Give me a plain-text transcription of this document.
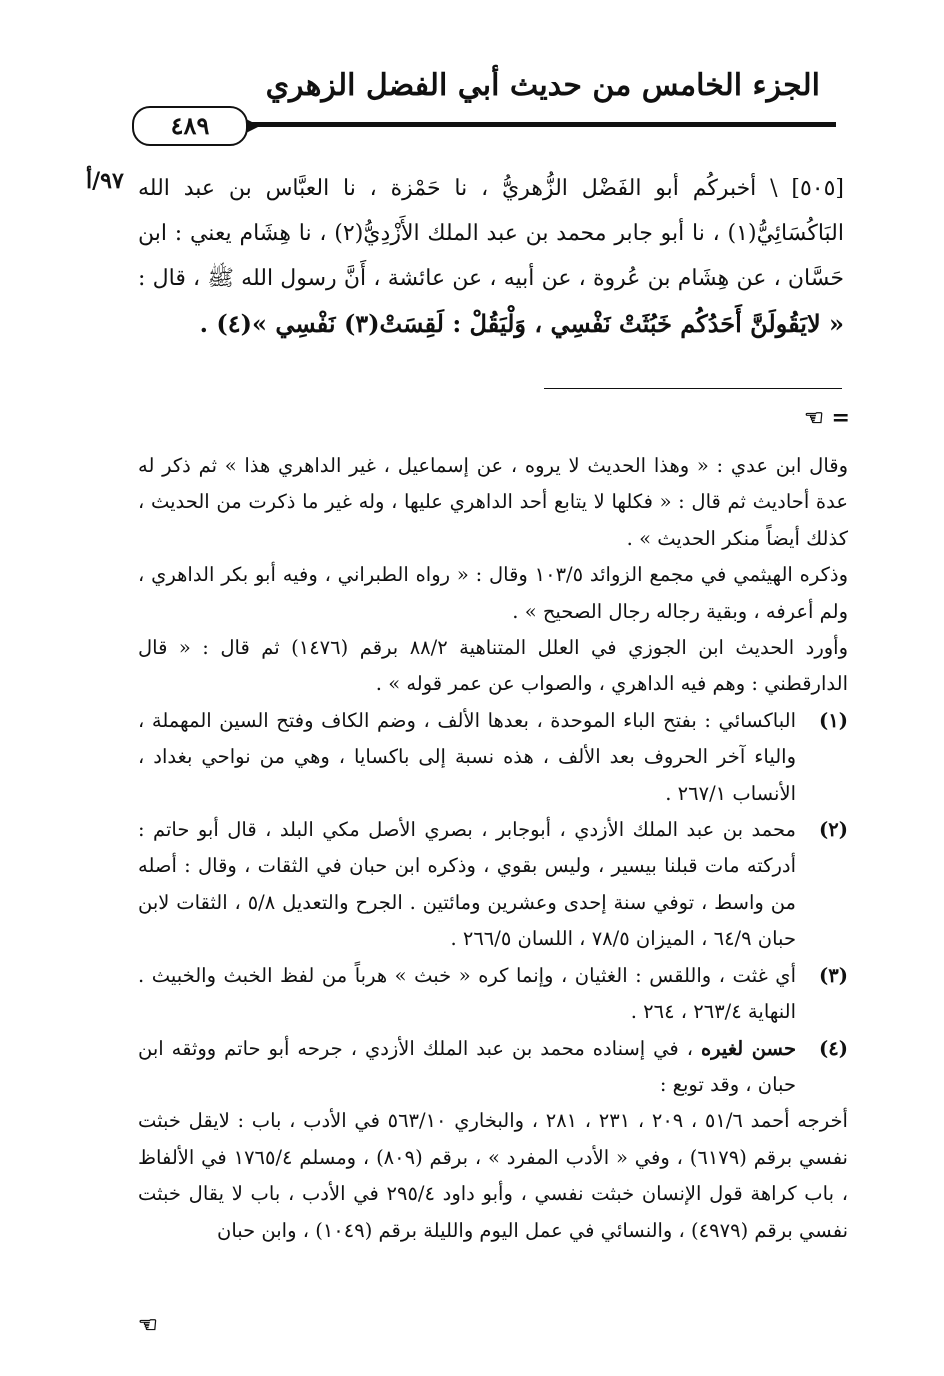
الجزء الخامس من حديث أبي الفضل الزهري
٤٨٩
٩٧/أ [٥٠٥] \ أخبركُم أبو الفَضْل الزُّهريُّ ، نا حَمْزة ، نا العبَّاس بن عبد الله البَاكُسَائِيُّ(١) ، نا أبو جابر محمد بن عبد الملك الأَزْدِيُّ(٢) ، نا هِشَام يعني : ابن حَسَّان ، عن هِشَام بن عُروة ، عن أبيه ، عن عائشة ، أَنَّ رسول الله ﷺ ، قال : « لايَقُولَنَّ أَحَدُكُم خَبُثَتْ نَفْسِي ، وَلْيَقُلْ : لَقِسَتْ(٣) نَفْسِي »(٤) .

= ☜

وقال ابن عدي : « وهذا الحديث لا يروه ، عن إسماعيل ، غير الداهري هذا » ثم ذكر له عدة أحاديث ثم قال : « فكلها لا يتابع أحد الداهري عليها ، وله غير ما ذكرت من الحديث ، كذلك أيضاً منكر الحديث » .

وذكره الهيثمي في مجمع الزوائد ١٠٣/٥ وقال : « رواه الطبراني ، وفيه أبو بكر الداهري ، ولم أعرفه ، وبقية رجاله رجال الصحيح » .

وأورد الحديث ابن الجوزي في العلل المتناهية ٨٨/٢ برقم (١٤٧٦) ثم قال : « قال الدارقطني : وهم فيه الداهري ، والصواب عن عمر قوله » .

(١)
الباكسائي : بفتح الباء الموحدة ، بعدها الألف ، وضم الكاف وفتح السين المهملة ، والياء آخر الحروف بعد الألف ، هذه نسبة إلى باكسايا ، وهي من نواحي بغداد ، الأنساب ٢٦٧/١ .
(٢)
محمد بن عبد الملك الأزدي ، أبوجابر ، بصري الأصل مكي البلد ، قال أبو حاتم : أدركته مات قبلنا بيسير ، وليس بقوي ، وذكره ابن حبان في الثقات ، وقال : أصله من واسط ، توفي سنة إحدى وعشرين ومائتين . الجرح والتعديل ٥/٨ ، الثقات لابن حبان ٦٤/٩ ، الميزان ٧٨/٥ ، اللسان ٢٦٦/٥ .
(٣)
أي غثت ، واللقس : الغثيان ، وإنما كره « خبث » هرباً من لفظ الخبث والخبيث . النهاية ٢٦٣/٤ ، ٢٦٤ .
(٤)
حسن لغيره ، في إسناده محمد بن عبد الملك الأزدي ، جرحه أبو حاتم ووثقه ابن حبان ، وقد توبع :

أخرجه أحمد ٥١/٦ ، ٢٠٩ ، ٢٣١ ، ٢٨١ ، والبخاري ٥٦٣/١٠ في الأدب ، باب : لايقل خبثت نفسي برقم (٦١٧٩) ، وفي « الأدب المفرد » ، برقم (٨٠٩) ، ومسلم ١٧٦٥/٤ في الألفاظ ، باب كراهة قول الإنسان خبثت نفسي ، وأبو داود ٢٩٥/٤ في الأدب ، باب لا يقال خبثت نفسي برقم (٤٩٧٩) ، والنسائي في عمل اليوم والليلة برقم (١٠٤٩) ، وابن حبان

☜
